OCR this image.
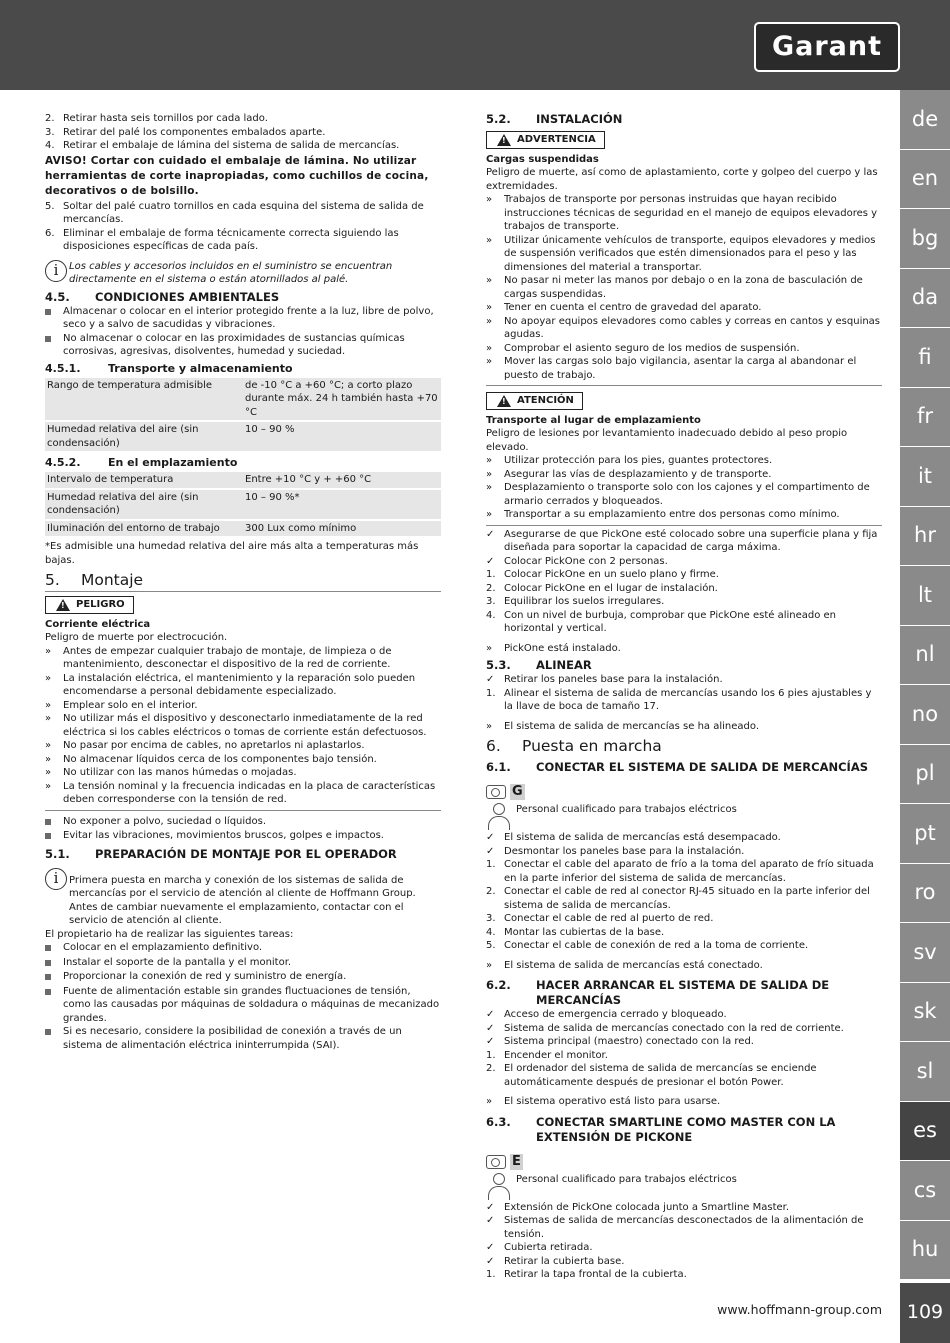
Garant
de
en
bg
da
fi
fr
it
hr
lt
nl
no
pl
pt
ro
sv
sk
sl
es
cs
hu
109
www.hoffmann-group.com
2. Retirar hasta seis tornillos por cada lado.
3. Retirar del palé los componentes embalados aparte.
4. Retirar el embalaje de lámina del sistema de salida de mercancías.
AVISO! Cortar con cuidado el embalaje de lámina. No utilizar herramientas de corte inapropiadas, como cuchillos de cocina, decorativos o de bolsillo.
5. Soltar del palé cuatro tornillos en cada esquina del sistema de salida de mercancías.
6. Eliminar el embalaje de forma técnicamente correcta siguiendo las disposiciones específicas de cada país.
i	Los cables y accesorios incluidos en el suministro se encuentran directamente en el sistema o están atornillados al palé.
4.5.	CONDICIONES AMBIENTALES
Almacenar o colocar en el interior protegido frente a la luz, libre de polvo, seco y a salvo de sacudidas y vibraciones.
No almacenar o colocar en las proximidades de sustancias químicas corrosivas, agresivas, disolventes, humedad y suciedad.
4.5.1.	Transporte y almacenamiento
Rango de temperatura admisible	de -10 °C a +60 °C; a corto plazo durante máx. 24 h también hasta +70 °C
Humedad relativa del aire (sin condensación)	10 – 90 %
4.5.2.	En el emplazamiento
Intervalo de temperatura	Entre +10 °C y + +60 °C
Humedad relativa del aire (sin condensación)	10 – 90 %*
Iluminación del entorno de trabajo	300 Lux como mínimo
*Es admisible una humedad relativa del aire más alta a temperaturas más bajas.
5.	Montaje
!
PELIGRO
Corriente eléctrica
Peligro de muerte por electrocución.
»	Antes de empezar cualquier trabajo de montaje, de limpieza o de mantenimiento, desconectar el dispositivo de la red de corriente.
»	La instalación eléctrica, el mantenimiento y la reparación solo pueden encomendarse a personal debidamente especializado.
»	Emplear solo en el interior.
»	No utilizar más el dispositivo y desconectarlo inmediatamente de la red eléctrica si los cables eléctricos o tomas de corriente están defectuosos.
»	No pasar por encima de cables, no apretarlos ni aplastarlos.
»	No almacenar líquidos cerca de los componentes bajo tensión.
»	No utilizar con las manos húmedas o mojadas.
»	La tensión nominal y la frecuencia indicadas en la placa de características deben corresponderse con la tensión de red.
No exponer a polvo, suciedad o líquidos.
Evitar las vibraciones, movimientos bruscos, golpes e impactos.
5.1.	PREPARACIÓN DE MONTAJE POR EL OPERADOR
i	Primera puesta en marcha y conexión de los sistemas de salida de mercancías por el servicio de atención al cliente de Hoffmann Group. Antes de cambiar nuevamente el emplazamiento, contactar con el servicio de atención al cliente.
El propietario ha de realizar las siguientes tareas:
Colocar en el emplazamiento definitivo.
Instalar el soporte de la pantalla y el monitor.
Proporcionar la conexión de red y suministro de energía.
Fuente de alimentación estable sin grandes fluctuaciones de tensión, como las causadas por máquinas de soldadura o máquinas de mecanizado grandes.
Si es necesario, considere la posibilidad de conexión a través de un sistema de alimentación eléctrica ininterrumpida (SAI).
5.2.	INSTALACIÓN
!
ADVERTENCIA
Cargas suspendidas
Peligro de muerte, así como de aplastamiento, corte y golpeo del cuerpo y las extremidades.
»	Trabajos de transporte por personas instruidas que hayan recibido instrucciones técnicas de seguridad en el manejo de equipos elevadores y trabajos de transporte.
»	Utilizar únicamente vehículos de transporte, equipos elevadores y medios de suspensión verificados que estén dimensionados para el peso y las dimensiones del material a transportar.
»	No pasar ni meter las manos por debajo o en la zona de basculación de cargas suspendidas.
»	Tener en cuenta el centro de gravedad del aparato.
»	No apoyar equipos elevadores como cables y correas en cantos y esquinas agudas.
»	Comprobar el asiento seguro de los medios de suspensión.
»	Mover las cargas solo bajo vigilancia, asentar la carga al abandonar el puesto de trabajo.
!
ATENCIÓN
Transporte al lugar de emplazamiento
Peligro de lesiones por levantamiento inadecuado debido al peso propio elevado.
»	Utilizar protección para los pies, guantes protectores.
»	Asegurar las vías de desplazamiento y de transporte.
»	Desplazamiento o transporte solo con los cajones y el compartimento de armario cerrados y bloqueados.
»	Transportar a su emplazamiento entre dos personas como mínimo.
✓ Asegurarse de que PickOne esté colocado sobre una superficie plana y fija diseñada para soportar la capacidad de carga máxima.
✓ Colocar PickOne con 2 personas.
1. Colocar PickOne en un suelo plano y firme.
2. Colocar PickOne en el lugar de instalación.
3. Equilibrar los suelos irregulares.
4. Con un nivel de burbuja, comprobar que PickOne esté alineado en horizontal y vertical.
»	PickOne está instalado.
5.3.	ALINEAR
✓ Retirar los paneles base para la instalación.
1. Alinear el sistema de salida de mercancías usando los 6 pies ajustables y la llave de boca de tamaño 17.
»	El sistema de salida de mercancías se ha alineado.
6.	Puesta en marcha
6.1.	CONECTAR EL SISTEMA DE SALIDA DE MERCANCÍAS
G
Personal cualificado para trabajos eléctricos
✓ El sistema de salida de mercancías está desempacado.
✓ Desmontar los paneles base para la instalación.
1. Conectar el cable del aparato de frío a la toma del aparato de frío situada en la parte inferior del sistema de salida de mercancías.
2. Conectar el cable de red al conector RJ-45 situado en la parte inferior del sistema de salida de mercancías.
3. Conectar el cable de red al puerto de red.
4. Montar las cubiertas de la base.
5. Conectar el cable de conexión de red a la toma de corriente.
»	El sistema de salida de mercancías está conectado.
6.2.	HACER ARRANCAR EL SISTEMA DE SALIDA DE MERCANCÍAS
✓ Acceso de emergencia cerrado y bloqueado.
✓ Sistema de salida de mercancías conectado con la red de corriente.
✓ Sistema principal (maestro) conectado con la red.
1. Encender el monitor.
2. El ordenador del sistema de salida de mercancías se enciende automáticamente después de presionar el botón Power.
»	El sistema operativo está listo para usarse.
6.3.	CONECTAR SMARTLINE COMO MASTER CON LA EXTENSIÓN DE PICKONE
E
Personal cualificado para trabajos eléctricos
✓ Extensión de PickOne colocada junto a Smartline Master.
✓ Sistemas de salida de mercancías desconectados de la alimentación de tensión.
✓ Cubierta retirada.
✓ Retirar la cubierta base.
1. Retirar la tapa frontal de la cubierta.
